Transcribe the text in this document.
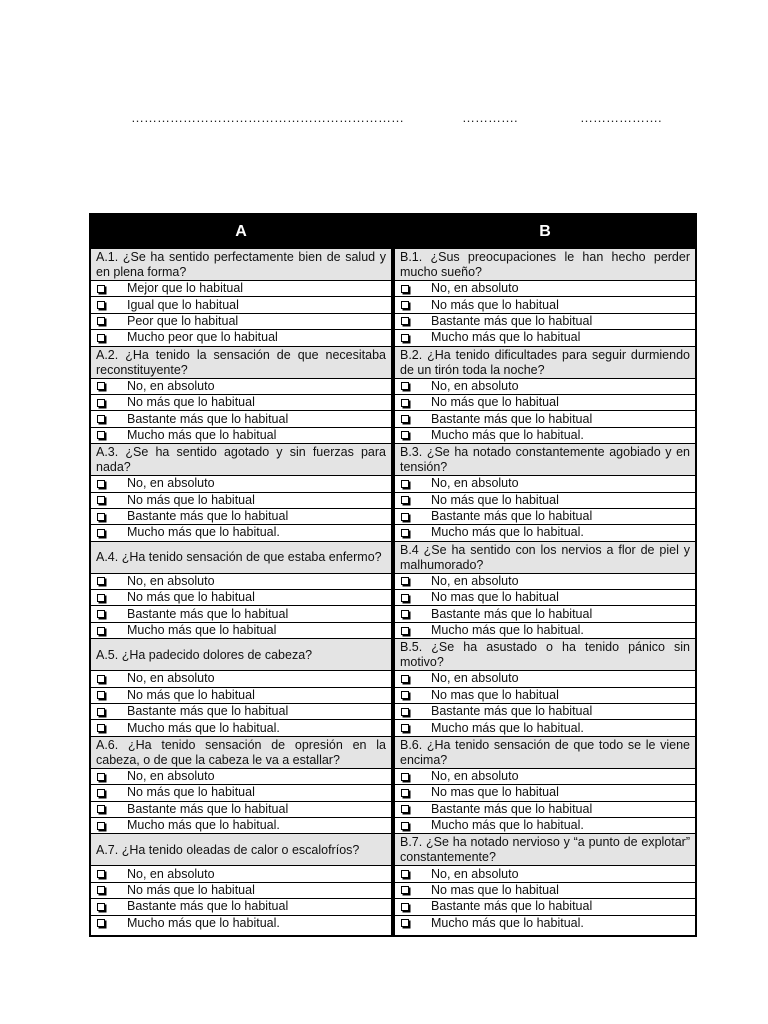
………………………………………………………	………….	……………….
A
A.1. ¿Se ha sentido perfectamente bien de salud y en plena forma?
Mejor que lo habitual
Igual que lo habitual
Peor que lo habitual
Mucho peor que lo habitual
A.2. ¿Ha tenido la sensación de que necesitaba reconstituyente?
No, en absoluto
No más que lo habitual
Bastante más que lo habitual
Mucho más que lo habitual
A.3. ¿Se ha sentido agotado y sin fuerzas para nada?
No, en absoluto
No más que lo habitual
Bastante más que lo habitual
Mucho más que lo habitual.
A.4. ¿Ha tenido sensación de que estaba enfermo?
No, en absoluto
No más que lo habitual
Bastante más que lo habitual
Mucho más que lo habitual
A.5. ¿Ha padecido dolores de cabeza?
No, en absoluto
No más que lo habitual
Bastante más que lo habitual
Mucho más que lo habitual.
A.6. ¿Ha tenido sensación de opresión en la cabeza, o de que la cabeza le va a estallar?
No, en absoluto
No más que lo habitual
Bastante más que lo habitual
Mucho más que lo habitual.
A.7. ¿Ha tenido oleadas de calor o escalofríos?
No, en absoluto
No más que lo habitual
Bastante más que lo habitual
Mucho más que lo habitual.
B
B.1. ¿Sus preocupaciones le han hecho perder mucho sueño?
No, en absoluto
No más que lo habitual
Bastante más que lo habitual
Mucho más que lo habitual
B.2. ¿Ha tenido dificultades para seguir durmiendo de un tirón toda la noche?
No, en absoluto
No más que lo habitual
Bastante más que lo habitual
Mucho más que lo habitual.
B.3. ¿Se ha notado constantemente agobiado y en tensión?
No, en absoluto
No más que lo habitual
Bastante más que lo habitual
Mucho más que lo habitual.
B.4 ¿Se ha sentido con los nervios a flor de piel y malhumorado?
No, en absoluto
No mas que lo habitual
Bastante más que lo habitual
Mucho más que lo habitual.
B.5. ¿Se ha asustado o ha tenido pánico sin motivo?
No, en absoluto
No mas que lo habitual
Bastante más que lo habitual
Mucho más que lo habitual.
B.6. ¿Ha tenido sensación de que todo se le viene encima?
No, en absoluto
No mas que lo habitual
Bastante más que lo habitual
Mucho más que lo habitual.
B.7. ¿Se ha notado nervioso y “a punto de explotar” constantemente?
No, en absoluto
No mas que lo habitual
Bastante más que lo habitual
Mucho más que lo habitual.
